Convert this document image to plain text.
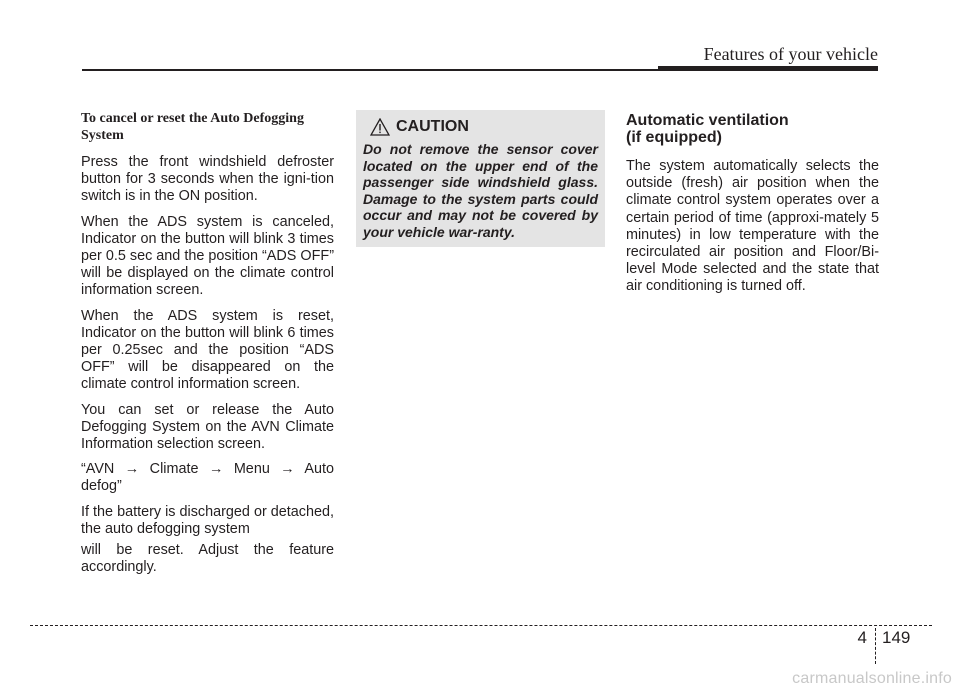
Features of your vehicle
To cancel or reset the Auto Defogging System

Press the front windshield defroster button for 3 seconds when the igni-tion switch is in the ON position.

When the ADS system is canceled, Indicator on the button will blink 3 times per 0.5 sec and the position “ADS OFF” will be displayed on the climate control information screen.

When the ADS system is reset, Indicator on the button will blink 6 times per 0.25sec and the position “ADS OFF” will be disappeared on the climate control information screen.

You can set or release the Auto Defogging System on the AVN Climate Information selection screen.

“AVN → Climate → Menu → Auto defog”

If the battery is discharged or detached, the auto defogging system

will be reset. Adjust the feature accordingly.

CAUTION

Do not remove the sensor cover located on the upper end of the passenger side windshield glass. Damage to the system parts could occur and may not be covered by your vehicle war-ranty.

Automatic ventilation
(if equipped)

The system automatically selects the outside (fresh) air position when the climate control system operates over a certain period of time (approxi-mately 5 minutes) in low temperature with the recirculated air position and Floor/Bi-level Mode selected and the state that air conditioning is turned off.

4 149
carmanualsonline.info
